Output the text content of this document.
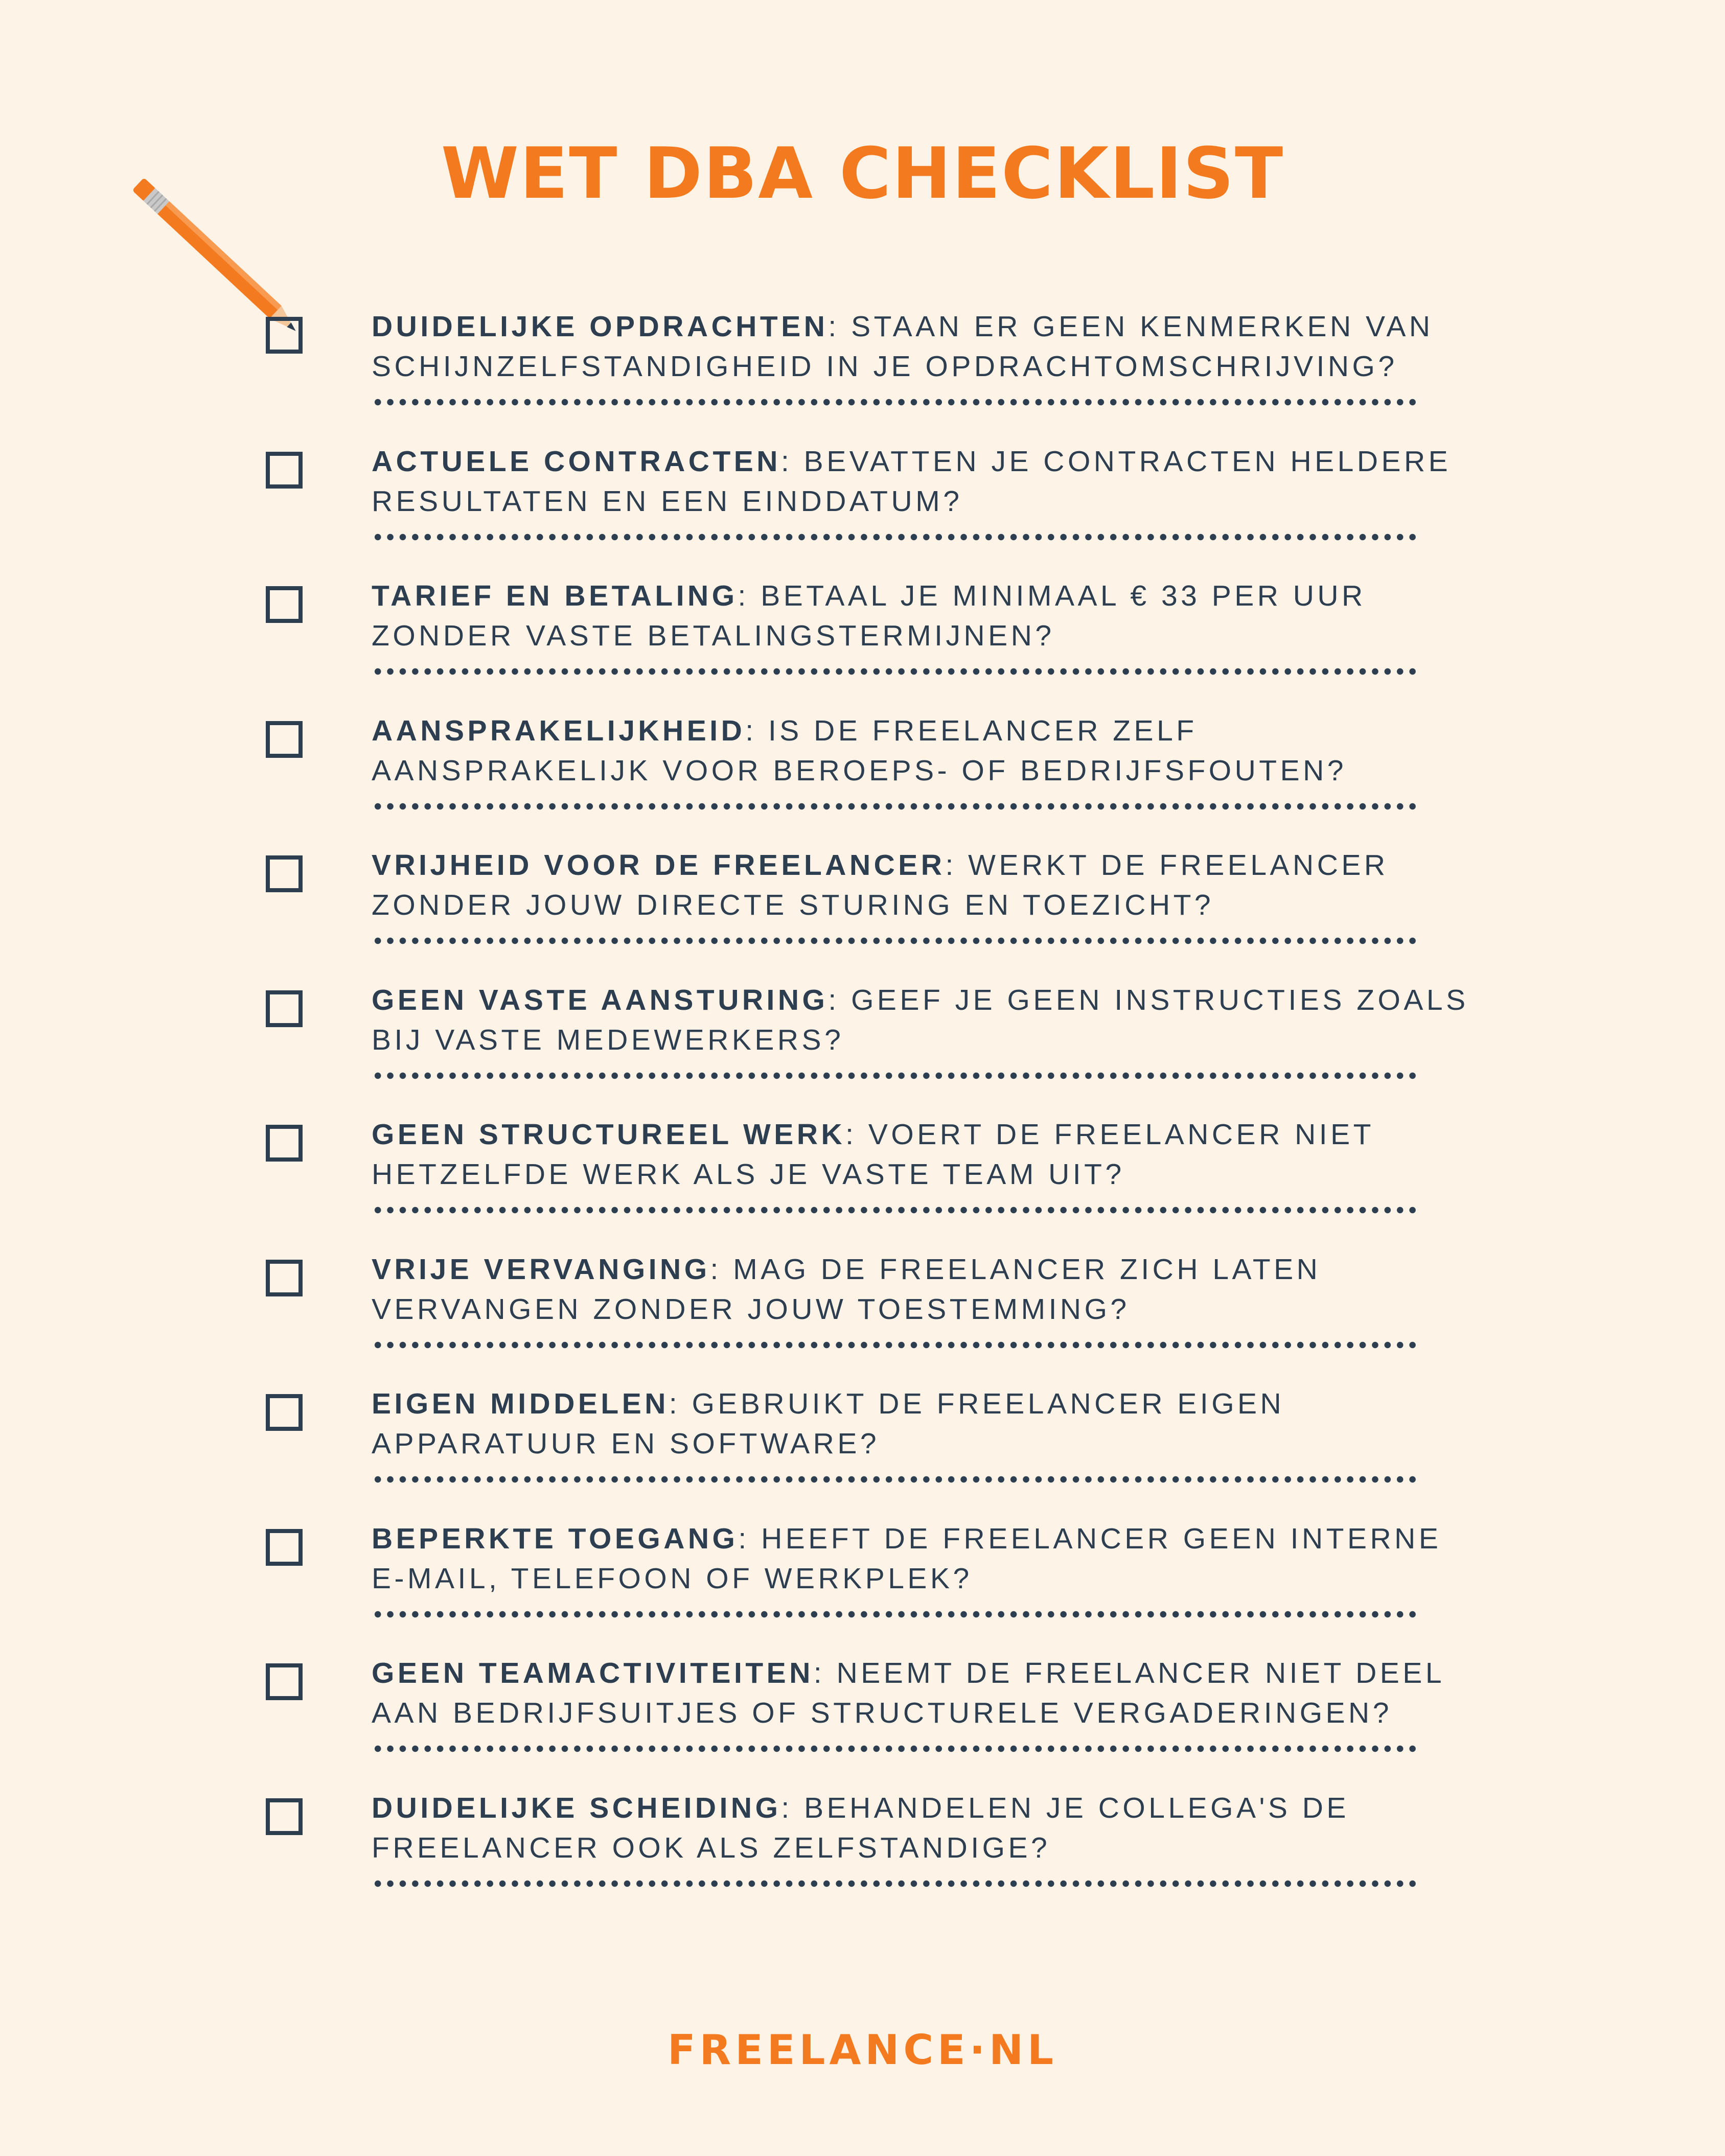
WET DBA CHECKLIST
DUIDELIJKE OPDRACHTEN: STAAN ER GEEN KENMERKEN VAN SCHIJNZELFSTANDIGHEID IN JE OPDRACHTOMSCHRIJVING?
ACTUELE CONTRACTEN: BEVATTEN JE CONTRACTEN HELDERE RESULTATEN EN EEN EINDDATUM?
TARIEF EN BETALING: BETAAL JE MINIMAAL € 33 PER UUR ZONDER VASTE BETALINGSTERMIJNEN?
AANSPRAKELIJKHEID: IS DE FREELANCER ZELF AANSPRAKELIJK VOOR BEROEPS- OF BEDRIJFSFOUTEN?
VRIJHEID VOOR DE FREELANCER: WERKT DE FREELANCER ZONDER JOUW DIRECTE STURING EN TOEZICHT?
GEEN VASTE AANSTURING: GEEF JE GEEN INSTRUCTIES ZOALS BIJ VASTE MEDEWERKERS?
GEEN STRUCTUREEL WERK: VOERT DE FREELANCER NIET HETZELFDE WERK ALS JE VASTE TEAM UIT?
VRIJE VERVANGING: MAG DE FREELANCER ZICH LATEN VERVANGEN ZONDER JOUW TOESTEMMING?
EIGEN MIDDELEN: GEBRUIKT DE FREELANCER EIGEN APPARATUUR EN SOFTWARE?
BEPERKTE TOEGANG: HEEFT DE FREELANCER GEEN INTERNE E-MAIL, TELEFOON OF WERKPLEK?
GEEN TEAMACTIVITEITEN: NEEMT DE FREELANCER NIET DEEL AAN BEDRIJFSUITJES OF STRUCTURELE VERGADERINGEN?
DUIDELIJKE SCHEIDING: BEHANDELEN JE COLLEGA'S DE FREELANCER OOK ALS ZELFSTANDIGE?
FREELANCE·NL
